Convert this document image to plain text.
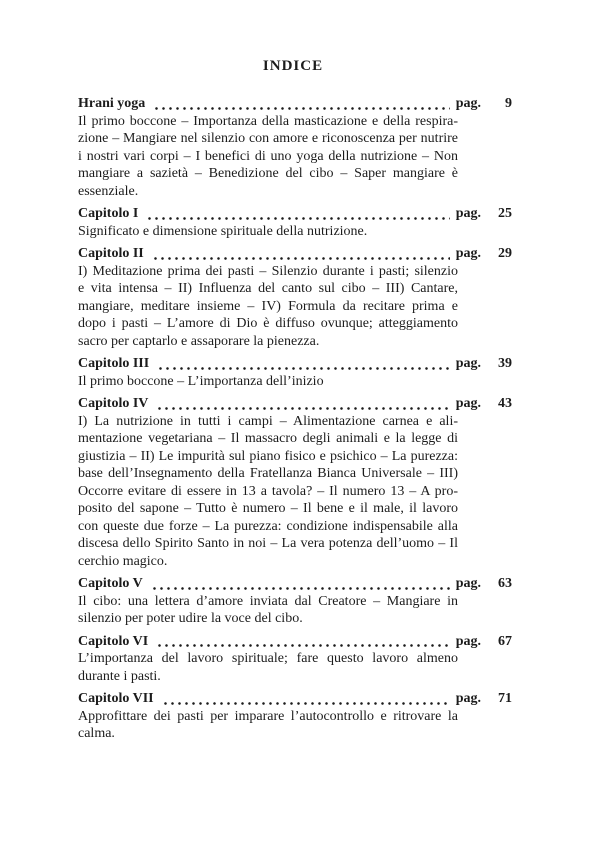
INDICE
Hrani yoga	pag.	9
Il primo boccone – Importanza della masticazione e della respira-
zione – Mangiare nel silenzio con amore e riconoscenza per nutrire
i nostri vari corpi – I benefici di uno yoga della nutrizione – Non
mangiare a sazietà – Benedizione del cibo – Saper mangiare è
essenziale.
Capitolo I	pag.	25
Significato e dimensione spirituale della nutrizione.
Capitolo II	pag.	29
I) Meditazione prima dei pasti – Silenzio durante i pasti; silenzio
e vita intensa – II) Influenza del canto sul cibo – III) Cantare,
mangiare, meditare insieme – IV) Formula da recitare prima e
dopo i pasti – L’amore di Dio è diffuso ovunque; atteggiamento
sacro per captarlo e assaporare la pienezza.
Capitolo III	pag.	39
Il primo boccone – L’importanza dell’inizio
Capitolo IV	pag.	43
I) La nutrizione in tutti i campi – Alimentazione carnea e ali-
mentazione vegetariana – Il massacro degli animali e la legge di
giustizia – II) Le impurità sul piano fisico e psichico – La purezza:
base dell’Insegnamento della Fratellanza Bianca Universale – III)
Occorre evitare di essere in 13 a tavola? – Il numero 13 – A pro-
posito del sapone – Tutto è numero – Il bene e il male, il lavoro
con queste due forze – La purezza: condizione indispensabile alla
discesa dello Spirito Santo in noi – La vera potenza dell’uomo – Il
cerchio magico.
Capitolo V	pag.	63
Il cibo: una lettera d’amore inviata dal Creatore – Mangiare in
silenzio per poter udire la voce del cibo.
Capitolo VI	pag.	67
L’importanza del lavoro spirituale; fare questo lavoro almeno
durante i pasti.
Capitolo VII	pag.	71
Approfittare dei pasti per imparare l’autocontrollo e ritrovare la
calma.
